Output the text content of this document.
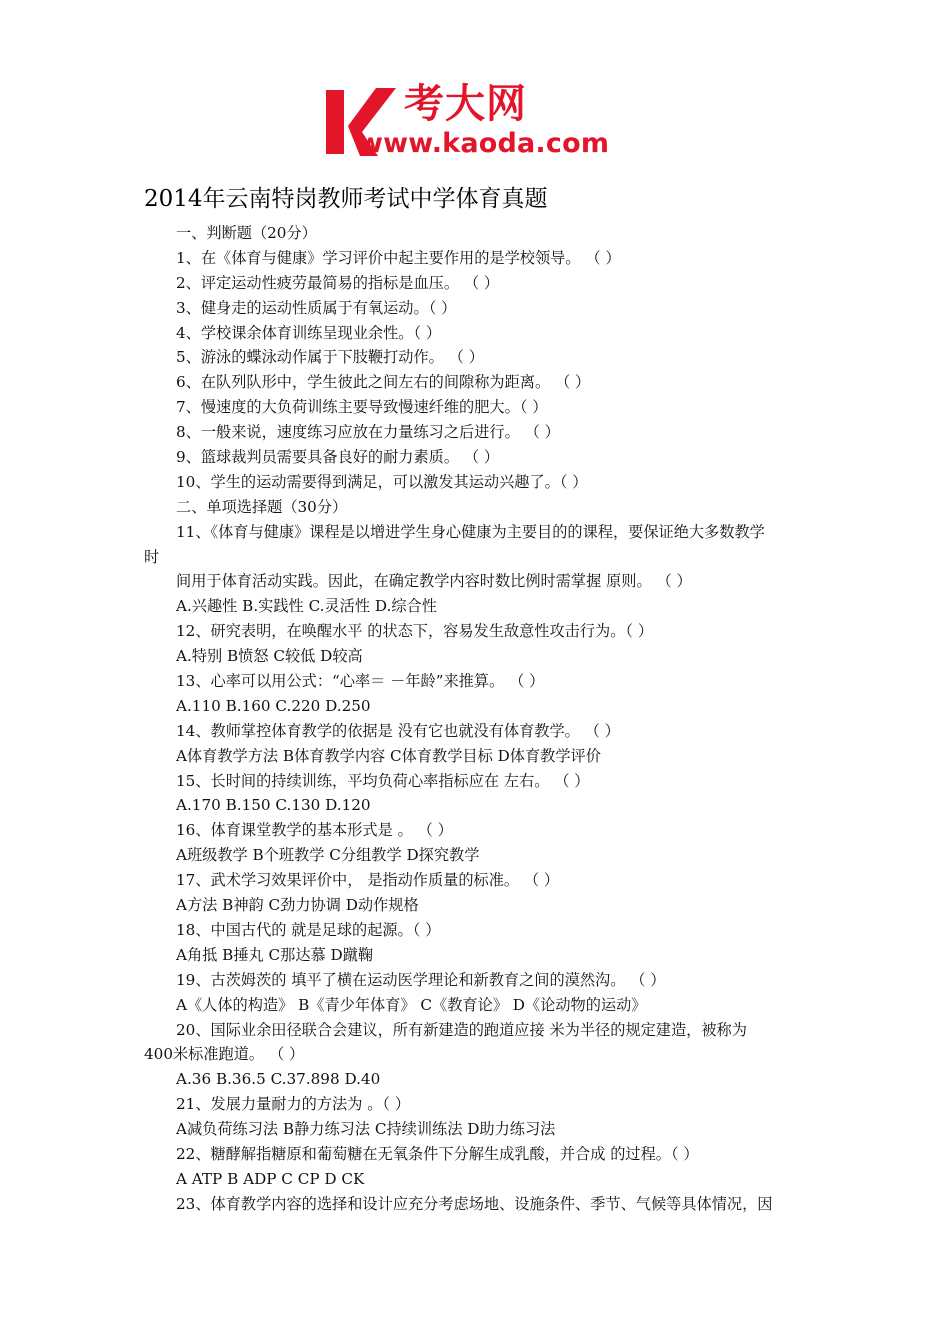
考大网
www.kaoda.com
2014年云南特岗教师考试中学体育真题
一、判断题（20分）
1、在《体育与健康》学习评价中起主要作用的是学校领导。 （ ）
2、评定运动性疲劳最简易的指标是血压。 （ ）
3、健身走的运动性质属于有氧运动。（ ）
4、学校课余体育训练呈现业余性。（ ）
5、游泳的蝶泳动作属于下肢鞭打动作。 （ ）
6、在队列队形中，学生彼此之间左右的间隙称为距离。 （ ）
7、慢速度的大负荷训练主要导致慢速纤维的肥大。（ ）
8、一般来说，速度练习应放在力量练习之后进行。 （ ）
9、篮球裁判员需要具备良好的耐力素质。 （ ）
10、学生的运动需要得到满足，可以激发其运动兴趣了。（ ）
二、单项选择题（30分）
11、《体育与健康》课程是以增进学生身心健康为主要目的的课程，要保证绝大多数教学
时
间用于体育活动实践。因此，在确定教学内容时数比例时需掌握 原则。 （ ）
A.兴趣性 B.实践性 C.灵活性 D.综合性
12、研究表明，在唤醒水平 的状态下，容易发生敌意性攻击行为。（ ）
A.特别 B愤怒 C较低 D较高
13、心率可以用公式：“心率＝ －年龄”来推算。 （ ）
A.110 B.160 C.220 D.250
14、教师掌控体育教学的依据是 没有它也就没有体育教学。 （ ）
A体育教学方法 B体育教学内容 C体育教学目标 D体育教学评价
15、长时间的持续训练，平均负荷心率指标应在 左右。 （ ）
A.170 B.150 C.130 D.120
16、体育课堂教学的基本形式是 。 （ ）
A班级教学 B个班教学 C分组教学 D探究教学
17、武术学习效果评价中， 是指动作质量的标准。 （ ）
A方法 B神韵 C劲力协调 D动作规格
18、中国古代的 就是足球的起源。（ ）
A角抵 B捶丸 C那达慕 D蹴鞠
19、古茨姆茨的 填平了横在运动医学理论和新教育之间的漠然沟。 （ ）
A《人体的构造》 B《青少年体育》 C《教育论》 D《论动物的运动》
20、国际业余田径联合会建议，所有新建造的跑道应接 米为半径的规定建造，被称为
400米标准跑道。 （ ）
A.36 B.36.5 C.37.898 D.40
21、发展力量耐力的方法为 。（ ）
A减负荷练习法 B静力练习法 C持续训练法 D助力练习法
22、糖酵解指糖原和葡萄糖在无氧条件下分解生成乳酸，并合成 的过程。（ ）
A ATP B ADP C CP D CK
23、体育教学内容的选择和设计应充分考虑场地、设施条件、季节、气候等具体情况，因
